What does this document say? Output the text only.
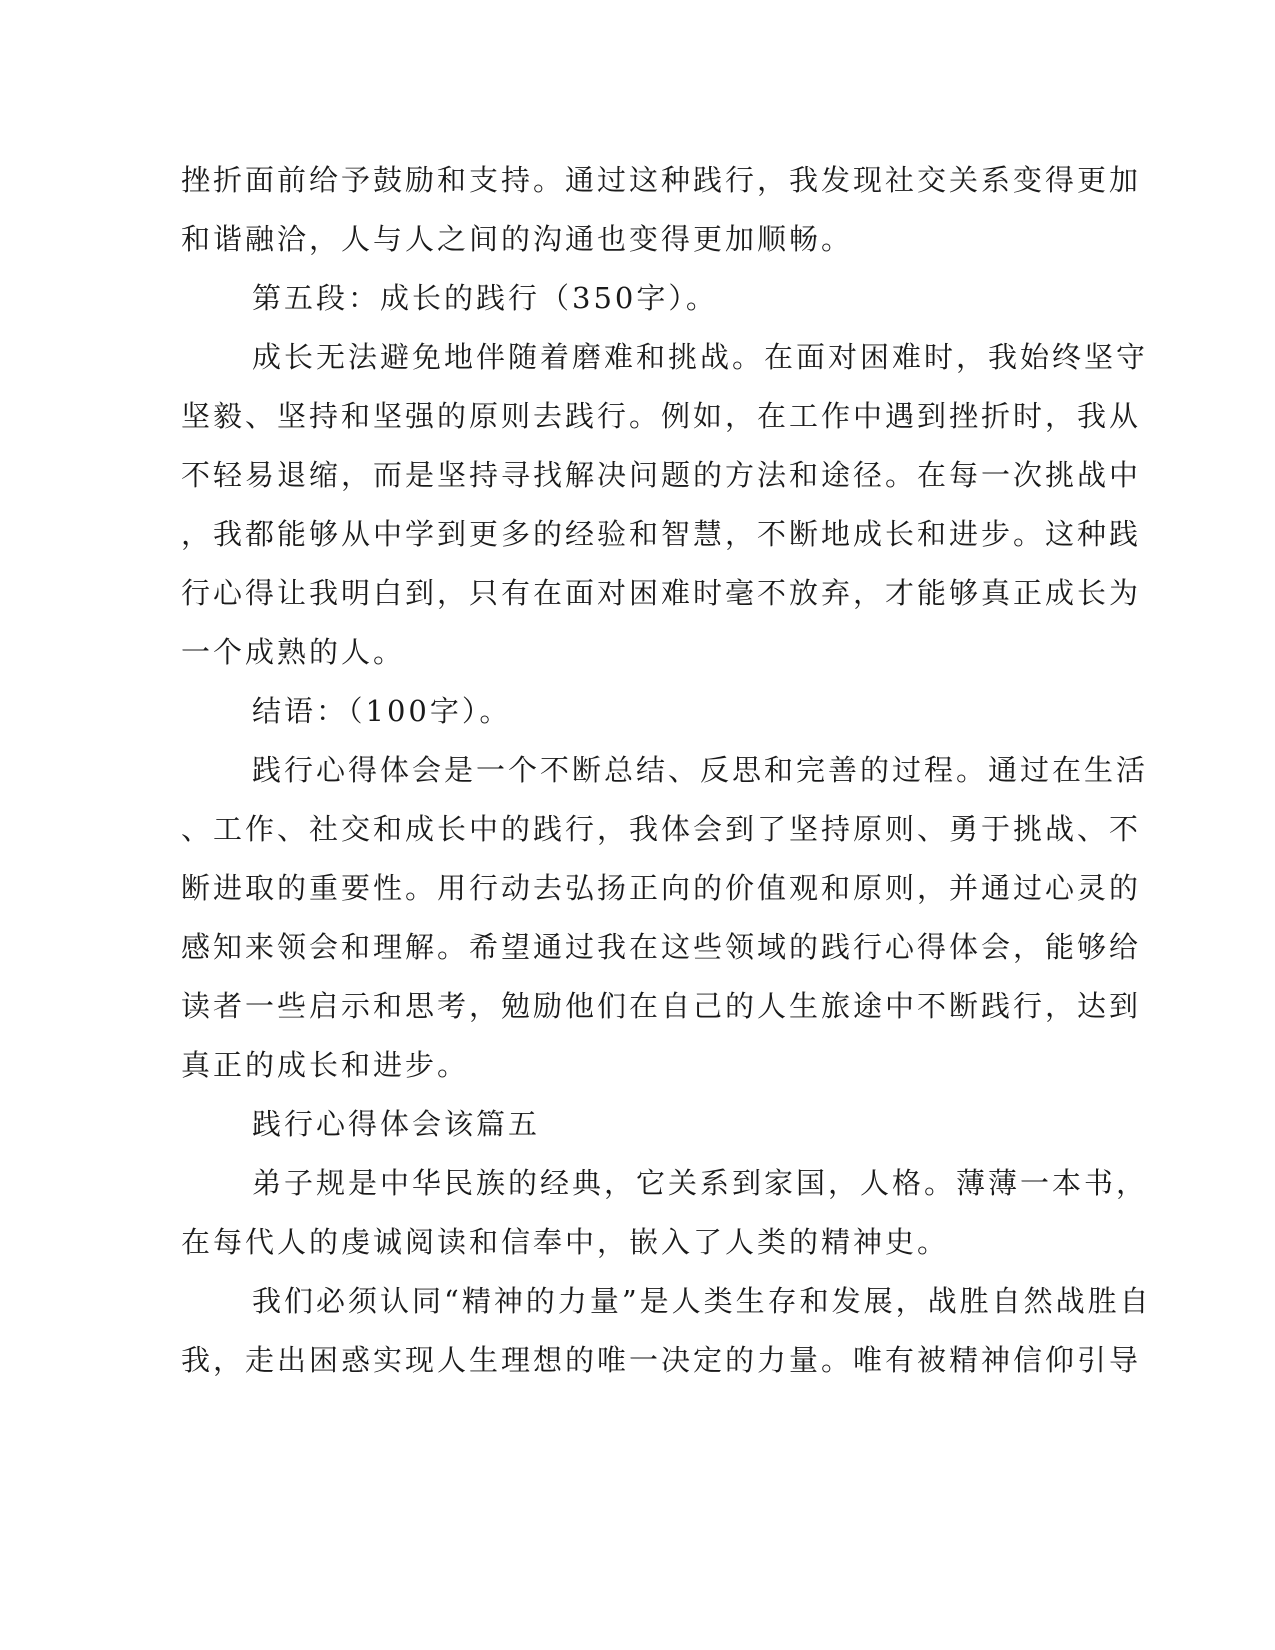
挫折面前给予鼓励和支持。通过这种践行，我发现社交关系变得更加
和谐融洽，人与人之间的沟通也变得更加顺畅。
第五段：成长的践行（350字）。
成长无法避免地伴随着磨难和挑战。在面对困难时，我始终坚守
坚毅、坚持和坚强的原则去践行。例如，在工作中遇到挫折时，我从
不轻易退缩，而是坚持寻找解决问题的方法和途径。在每一次挑战中
，我都能够从中学到更多的经验和智慧，不断地成长和进步。这种践
行心得让我明白到，只有在面对困难时毫不放弃，才能够真正成长为
一个成熟的人。
结语：（100字）。
践行心得体会是一个不断总结、反思和完善的过程。通过在生活
、工作、社交和成长中的践行，我体会到了坚持原则、勇于挑战、不
断进取的重要性。用行动去弘扬正向的价值观和原则，并通过心灵的
感知来领会和理解。希望通过我在这些领域的践行心得体会，能够给
读者一些启示和思考，勉励他们在自己的人生旅途中不断践行，达到
真正的成长和进步。
践行心得体会该篇五
弟子规是中华民族的经典，它关系到家国，人格。薄薄一本书，
在每代人的虔诚阅读和信奉中，嵌入了人类的精神史。
我们必须认同“精神的力量”是人类生存和发展，战胜自然战胜自
我，走出困惑实现人生理想的唯一决定的力量。唯有被精神信仰引导
